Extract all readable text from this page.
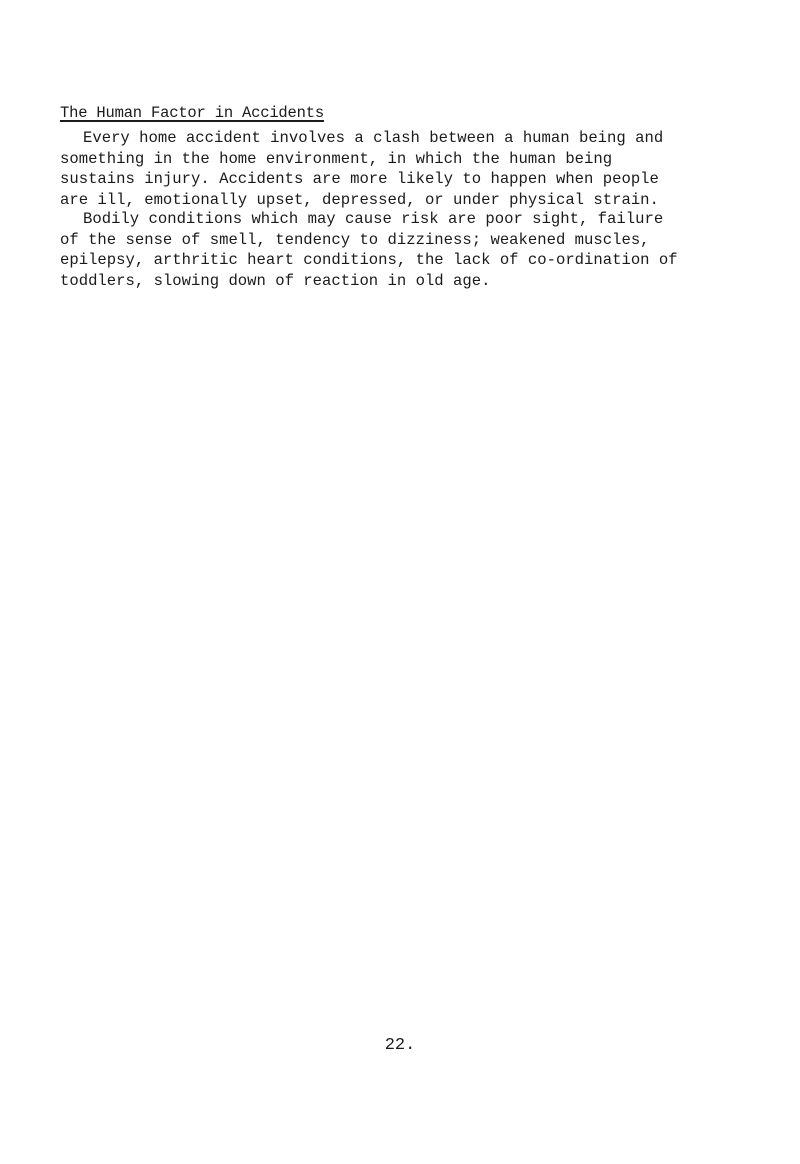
The Human Factor in Accidents

Every home accident involves a clash between a human being and
something in the home environment, in which the human being
sustains injury. Accidents are more likely to happen when people
are ill, emotionally upset, depressed, or under physical strain.

Bodily conditions which may cause risk are poor sight, failure
of the sense of smell, tendency to dizziness; weakened muscles,
epilepsy, arthritic heart conditions, the lack of co-ordination of
toddlers, slowing down of reaction in old age.

22.
